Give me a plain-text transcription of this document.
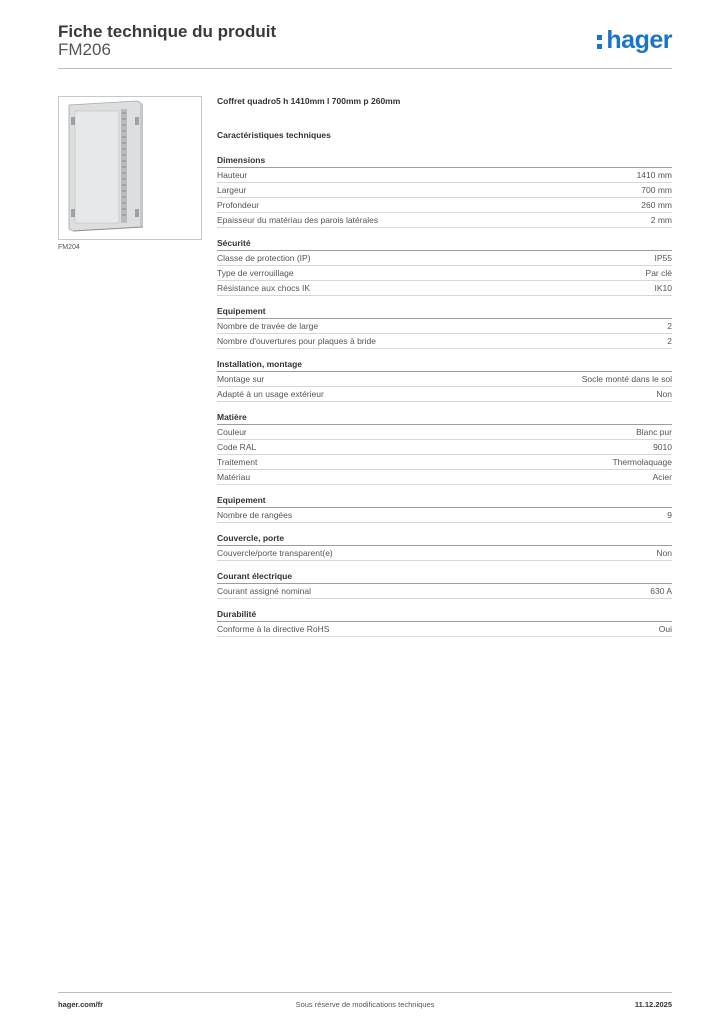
Fiche technique du produit
FM206	hager
FM204
Coffret quadro5 h 1410mm l 700mm p 260mm
Caractéristiques techniques
Dimensions
Hauteur	1410 mm
Largeur	700 mm
Profondeur	260 mm
Epaisseur du matériau des parois latérales	2 mm
Sécurité
Classe de protection (IP)	IP55
Type de verrouillage	Par clé
Résistance aux chocs IK	IK10
Equipement
Nombre de travée de large	2
Nombre d'ouvertures pour plaques à bride	2
Installation, montage
Montage sur	Socle monté dans le sol
Adapté à un usage extérieur	Non
Matière
Couleur	Blanc pur
Code RAL	9010
Traitement	Thermolaquage
Matériau	Acier
Equipement
Nombre de rangées	9
Couvercle, porte
Couvercle/porte transparent(e)	Non
Courant électrique
Courant assigné nominal	630 A
Durabilité
Conforme à la directive RoHS	Oui
hager.com/fr	Sous réserve de modifications techniques	11.12.2025
